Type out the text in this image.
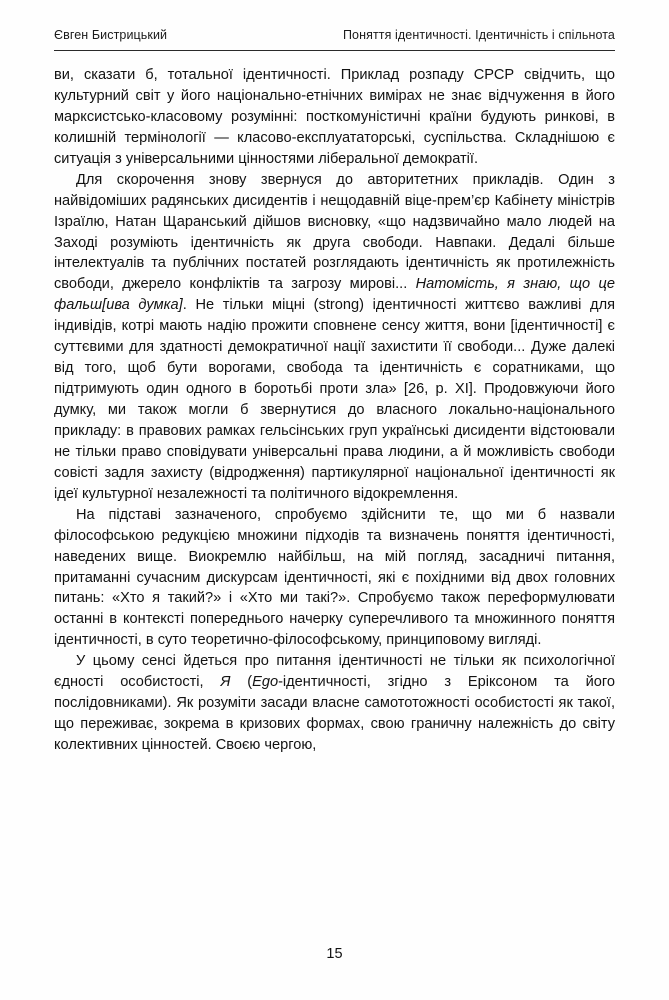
Євген Бистрицький	Поняття ідентичності. Ідентичність і спільнота

ви, сказати б, тотальної ідентичності. Приклад розпаду СРСР свідчить, що культурний світ у його національно-етнічних вимірах не знає відчуження в його марксистсько-класовому розумінні: посткомуністичні країни будують ринкові, в колишній термінології — класово-експлуататорські, суспільства. Складнішою є ситуація з універсальними цінностями ліберальної демократії.

Для скорочення знову звернуся до авторитетних прикладів. Один з найвідоміших радянських дисидентів і нещодавній віце-прем’єр Кабінету міністрів Ізраїлю, Натан Щаранський дійшов висновку, «що надзвичайно мало людей на Заході розуміють ідентичність як друга свободи. Навпаки. Дедалі більше інтелектуалів та публічних постатей розглядають ідентичність як протилежність свободи, джерело конфліктів та загрозу мирові... Натомість, я знаю, що це фальш[ива думка]. Не тільки міцні (strong) ідентичності життєво важливі для індивідів, котрі мають надію прожити сповнене сенсу життя, вони [ідентичності] є суттєвими для здатності демократичної нації захистити її свободи... Дуже далекі від того, щоб бути ворогами, свобода та ідентичність є соратниками, що підтримують один одного в боротьбі проти зла» [26, p. XI]. Продовжуючи його думку, ми також могли б звернутися до власного локально-національного прикладу: в правових рамках гельсінських груп українські дисиденти відстоювали не тільки право сповідувати універсальні права людини, а й можливість свободи совісті задля захисту (відродження) партикулярної національної ідентичності як ідеї культурної незалежності та політичного відокремлення.

На підставі зазначеного, спробуємо здійснити те, що ми б назвали філософською редукцією множини підходів та визначень поняття ідентичності, наведених вище. Виокремлю найбільш, на мій погляд, засадничі питання, притаманні сучасним дискурсам ідентичності, які є похідними від двох головних питань: «Хто я такий?» і «Хто ми такі?». Спробуємо також переформулювати останні в контексті попереднього начерку суперечливого та множинного поняття ідентичності, в суто теоретично-філософському, принциповому вигляді.

У цьому сенсі йдеться про питання ідентичності не тільки як психологічної єдності особистості, Я (Ego-ідентичності, згідно з Еріксоном та його послідовниками). Як розуміти засади власне самототожності особистості як такої, що переживає, зокрема в кризових формах, свою граничну належність до світу колективних цінностей. Своєю чергою,

15
